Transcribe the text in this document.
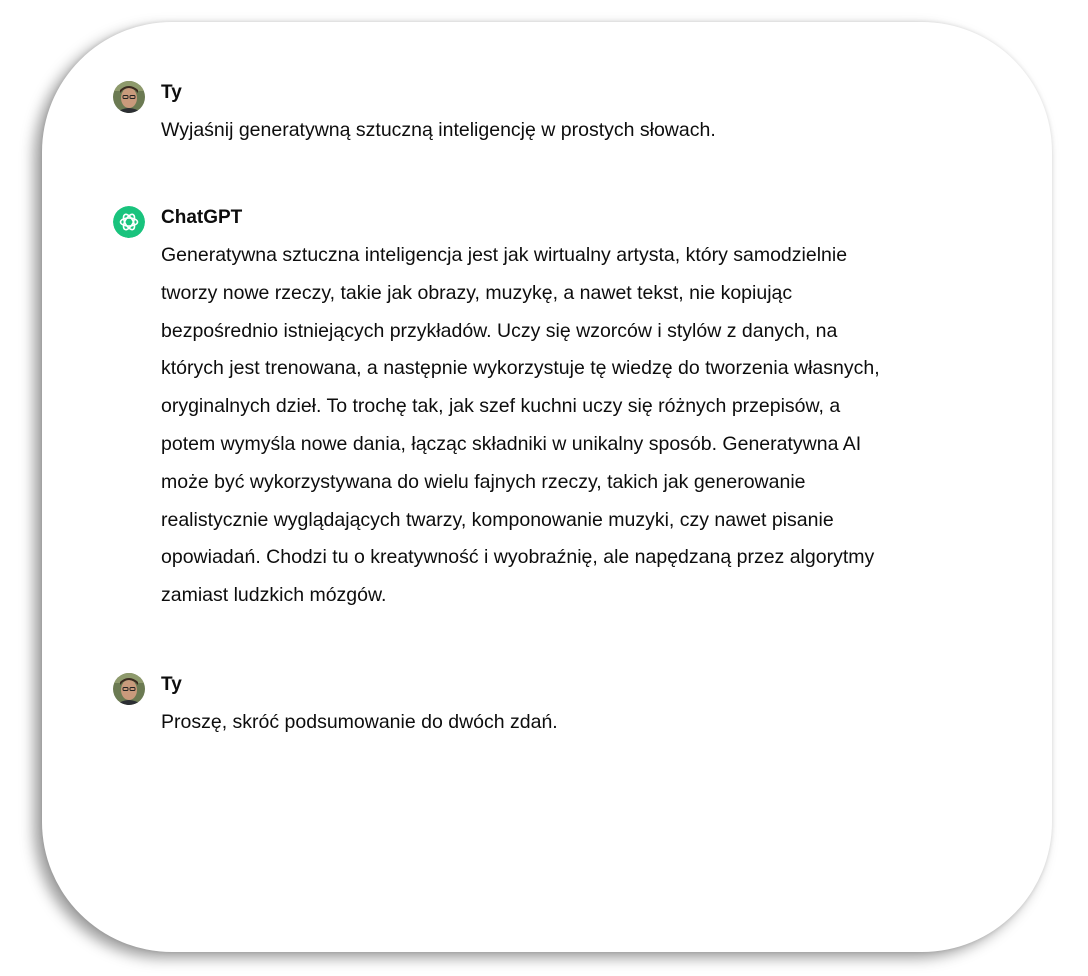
Ty

Wyjaśnij generatywną sztuczną inteligencję w prostych słowach.

ChatGPT

Generatywna sztuczna inteligencja jest jak wirtualny artysta, który samodzielnie
tworzy nowe rzeczy, takie jak obrazy, muzykę, a nawet tekst, nie kopiując
bezpośrednio istniejących przykładów. Uczy się wzorców i stylów z danych, na
których jest trenowana, a następnie wykorzystuje tę wiedzę do tworzenia własnych,
oryginalnych dzieł. To trochę tak, jak szef kuchni uczy się różnych przepisów, a
potem wymyśla nowe dania, łącząc składniki w unikalny sposób. Generatywna AI
może być wykorzystywana do wielu fajnych rzeczy, takich jak generowanie
realistycznie wyglądających twarzy, komponowanie muzyki, czy nawet pisanie
opowiadań. Chodzi tu o kreatywność i wyobraźnię, ale napędzaną przez algorytmy
zamiast ludzkich mózgów.

Ty

Proszę, skróć podsumowanie do dwóch zdań.
